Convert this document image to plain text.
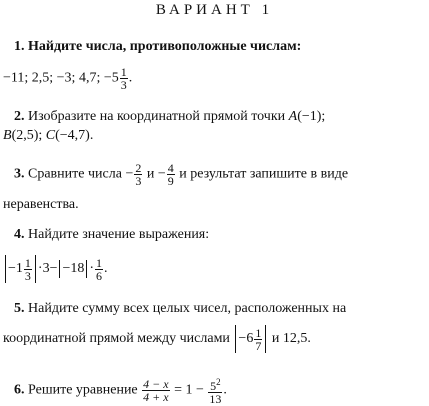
ВАРИАНТ 1
1. Найдите числа, противоположные числам:
−11; 2,5; −3; 4,7; $-5 \frac{1}{3}$ .
2. Изобразите на координатной прямой точки A(−1);
B(2,5); C(−4,7).
3. Сравните числа − $\frac{2}{3}$ $и - \frac{4}{9}$ и результат запишите в виде
неравенства.
4. Найдите значение выражения:
$-1 \frac{1}{3} \cdot 3- -18 \cdot \frac{1}{6}$ .
5. Найдите сумму всех целых чисел, расположенных на
координатной прямой между числами $-6 \frac{1}{7}$ и 12,5.
6. Решите уравнение $\frac{4 - x}{4 + x} = 1 - \frac{5^2}{13}$ .
